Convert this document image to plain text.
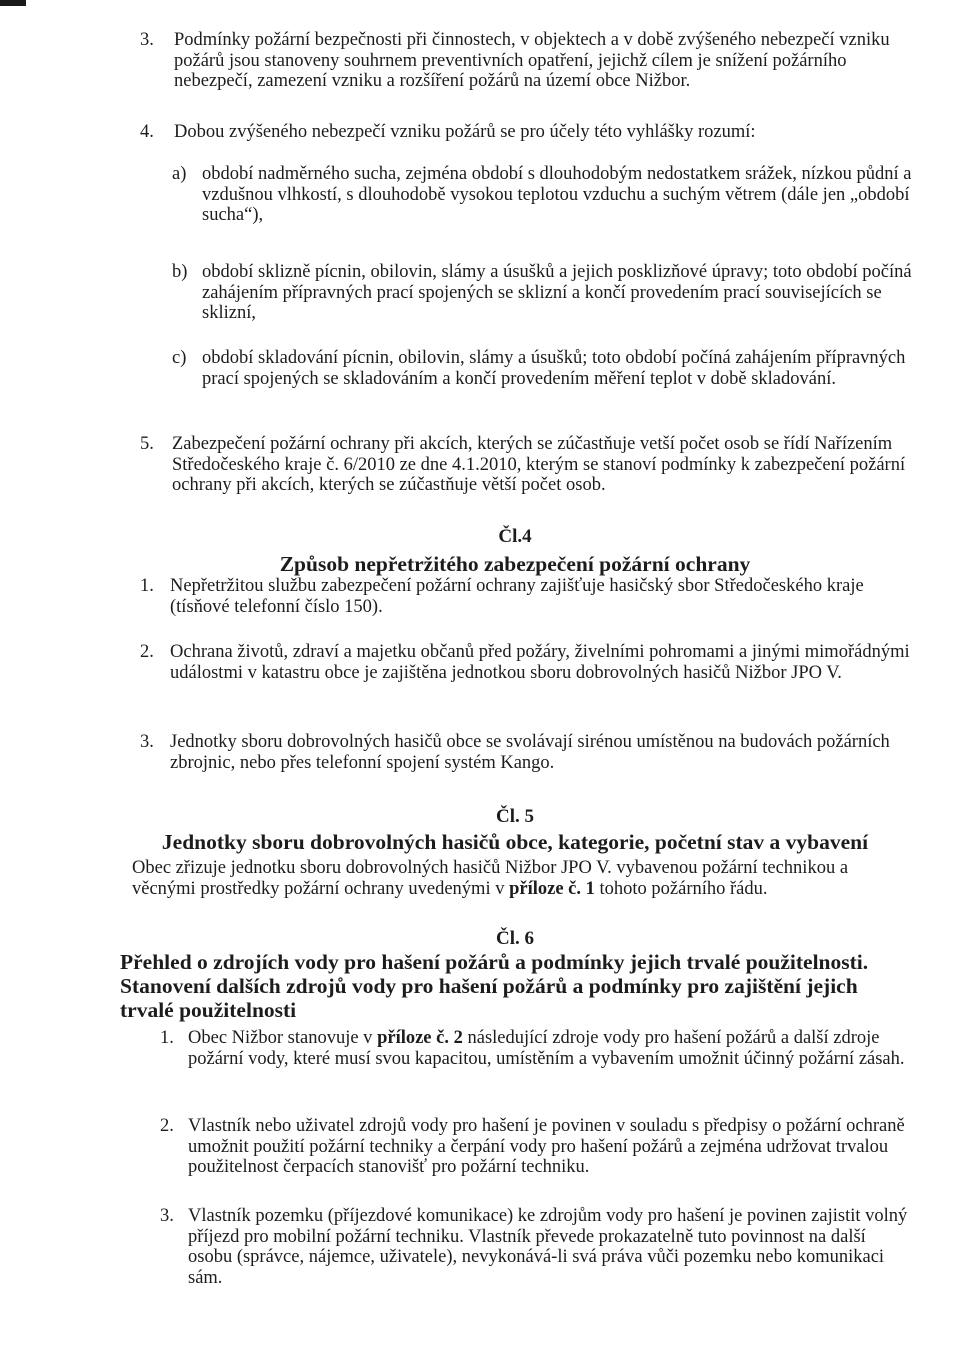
3. Podmínky požární bezpečnosti při činnostech, v objektech a v době zvýšeného nebezpečí vzniku požárů jsou stanoveny souhrnem preventivních opatření, jejichž cílem je snížení požárního nebezpečí, zamezení vzniku a rozšíření požárů na území obce Nižbor.
4. Dobou zvýšeného nebezpečí vzniku požárů se pro účely této vyhlášky rozumí:
a) období nadměrného sucha, zejména období s dlouhodobým nedostatkem srážek, nízkou půdní a vzdušnou vlhkostí, s dlouhodobě vysokou teplotou vzduchu a suchým větrem (dále jen „období sucha“),
b) období sklizně pícnin, obilovin, slámy a úsušků a jejich posklizňové úpravy; toto období počíná zahájením přípravných prací spojených se sklizní a končí provedením prací souvisejících se sklizní,
c) období skladování pícnin, obilovin, slámy a úsušků; toto období počíná zahájením přípravných prací spojených se skladováním a končí provedením měření teplot v době skladování.
5. Zabezpečení požární ochrany při akcích, kterých se zúčastňuje vetší počet osob se řídí Nařízením Středočeského kraje č. 6/2010 ze dne 4.1.2010, kterým se stanoví podmínky k zabezpečení požární ochrany při akcích, kterých se zúčastňuje větší počet osob.
Čl.4
Způsob nepřetržitého zabezpečení požární ochrany
1. Nepřetržitou službu zabezpečení požární ochrany zajišťuje hasičský sbor Středočeského kraje (tísňové telefonní číslo 150).
2. Ochrana životů, zdraví a majetku občanů před požáry, živelními pohromami a jinými mimořádnými událostmi v katastru obce je zajištěna jednotkou sboru dobrovolných hasičů Nižbor JPO V.
3. Jednotky sboru dobrovolných hasičů obce se svolávají sirénou umístěnou na budovách požárních zbrojnic, nebo přes telefonní spojení systém Kango.
Čl. 5
Jednotky sboru dobrovolných hasičů obce, kategorie, početní stav a vybavení
Obec zřizuje jednotku sboru dobrovolných hasičů Nižbor JPO V. vybavenou požární technikou a věcnými prostředky požární ochrany uvedenými v příloze č. 1 tohoto požárního řádu.
Čl. 6
Přehled o zdrojích vody pro hašení požárů a podmínky jejich trvalé použitelnosti. Stanovení dalších zdrojů vody pro hašení požárů a podmínky pro zajištění jejich trvalé použitelnosti
1. Obec Nižbor stanovuje v příloze č. 2 následující zdroje vody pro hašení požárů a další zdroje požární vody, které musí svou kapacitou, umístěním a vybavením umožnit účinný požární zásah.
2. Vlastník nebo uživatel zdrojů vody pro hašení je povinen v souladu s předpisy o požární ochraně umožnit použití požární techniky a čerpání vody pro hašení požárů a zejména udržovat trvalou použitelnost čerpacích stanovišť pro požární techniku.
3. Vlastník pozemku (příjezdové komunikace) ke zdrojům vody pro hašení je povinen zajistit volný příjezd pro mobilní požární techniku. Vlastník převede prokazatelně tuto povinnost na další osobu (správce, nájemce, uživatele), nevykonává-li svá práva vůči pozemku nebo komunikaci sám.
